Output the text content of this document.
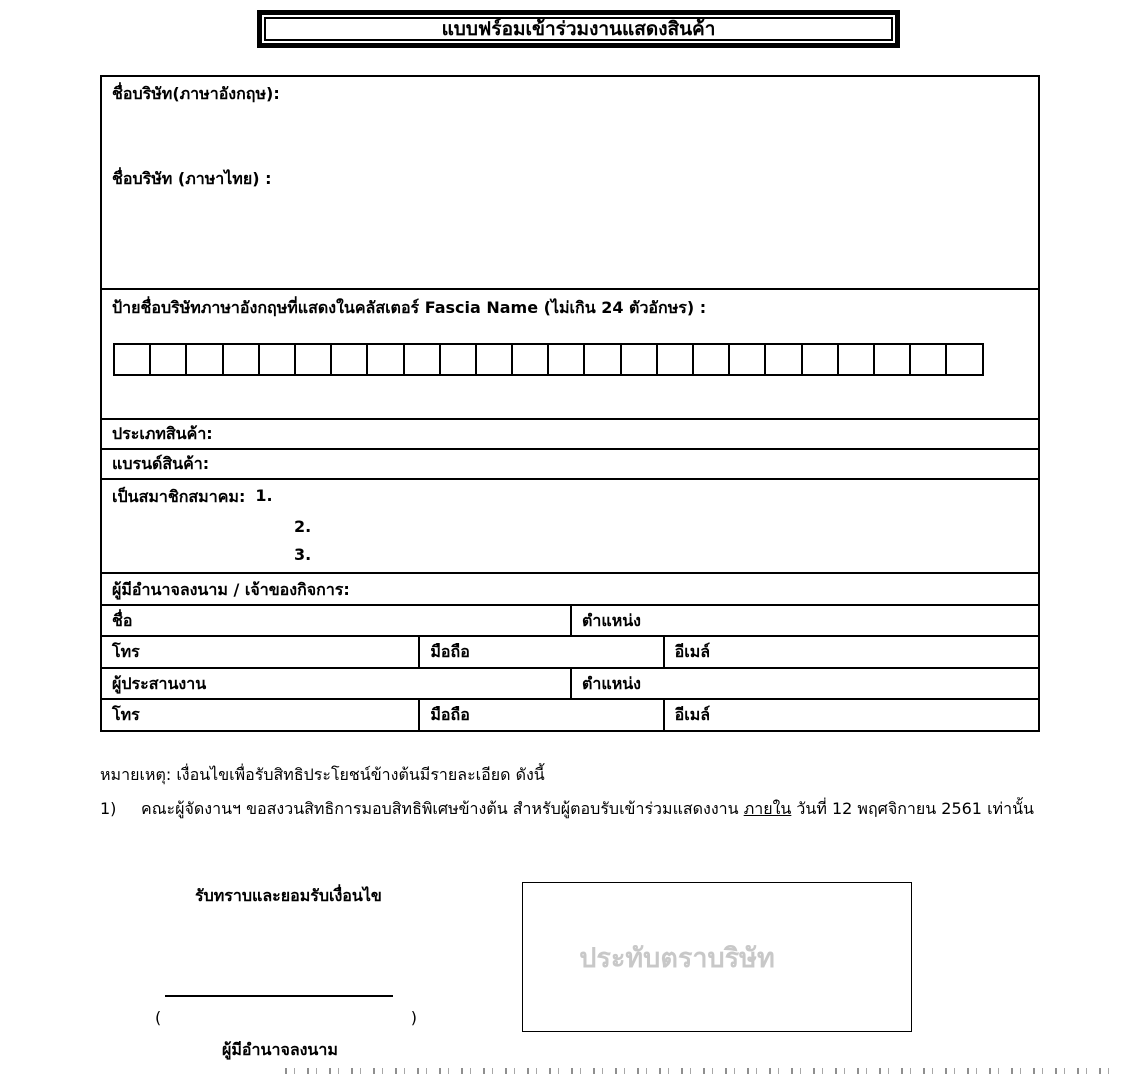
แบบฟร์อมเข้าร่วมงานแสดงสินค้า
ชื่อบริษัท(ภาษาอังกฤษ):
ชื่อบริษัท (ภาษาไทย) :
ป้ายชื่อบริษัทภาษาอังกฤษที่แสดงในคลัสเตอร์ Fascia Name (ไม่เกิน 24 ตัวอักษร) :
ประเภทสินค้า:
แบรนด์สินค้า:
เป็นสมาชิกสมาคม: 1.
2.
3.
ผู้มีอำนาจลงนาม / เจ้าของกิจการ:
ชื่อ	ตำแหน่ง
โทร	มือถือ	อีเมล์
ผู้ประสานงาน	ตำแหน่ง
โทร	มือถือ	อีเมล์
หมายเหตุ: เงื่อนไขเพื่อรับสิทธิประโยชน์ข้างต้นมีรายละเอียด ดังนี้
1) คณะผู้จัดงานฯ ขอสงวนสิทธิการมอบสิทธิพิเศษข้างต้น สำหรับผู้ตอบรับเข้าร่วมแสดงงาน ภายใน วันที่ 12 พฤศจิกายน 2561 เท่านั้น
รับทราบและยอมรับเงื่อนไข
ประทับตราบริษัท
(	)
ผู้มีอำนาจลงนาม
